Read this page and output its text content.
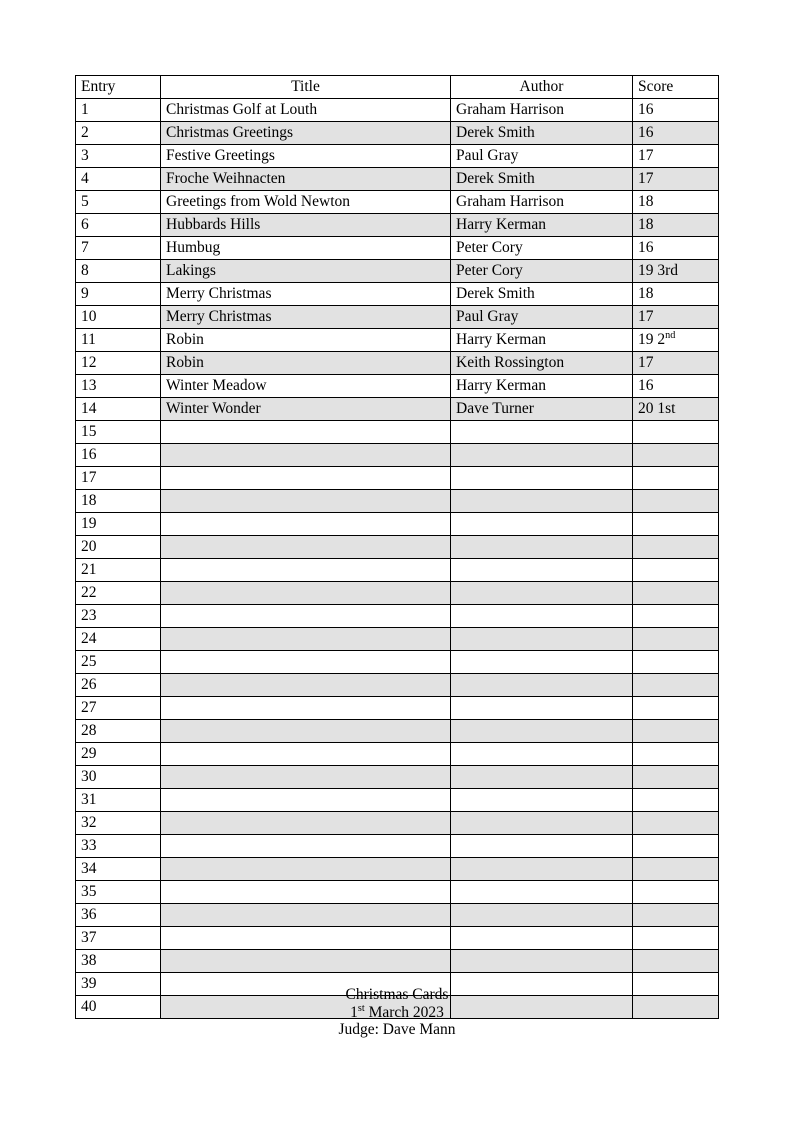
Entry	Title	Author	Score
1	Christmas Golf at Louth	Graham Harrison	16
2	Christmas Greetings	Derek Smith	16
3	Festive Greetings	Paul Gray	17
4	Froche Weihnacten	Derek Smith	17
5	Greetings from Wold Newton	Graham Harrison	18
6	Hubbards Hills	Harry Kerman	18
7	Humbug	Peter Cory	16
8	Lakings	Peter Cory	19 3rd
9	Merry Christmas	Derek Smith	18
10	Merry Christmas	Paul Gray	17
11	Robin	Harry Kerman	19 2nd
12	Robin	Keith Rossington	17
13	Winter Meadow	Harry Kerman	16
14	Winter Wonder	Dave Turner	20 1st
15			
16			
17			
18			
19			
20			
21			
22			
23			
24			
25			
26			
27			
28			
29			
30			
31			
32			
33			
34			
35			
36			
37			
38			
39			
40			
Christmas Cards
1st March 2023
Judge: Dave Mann
